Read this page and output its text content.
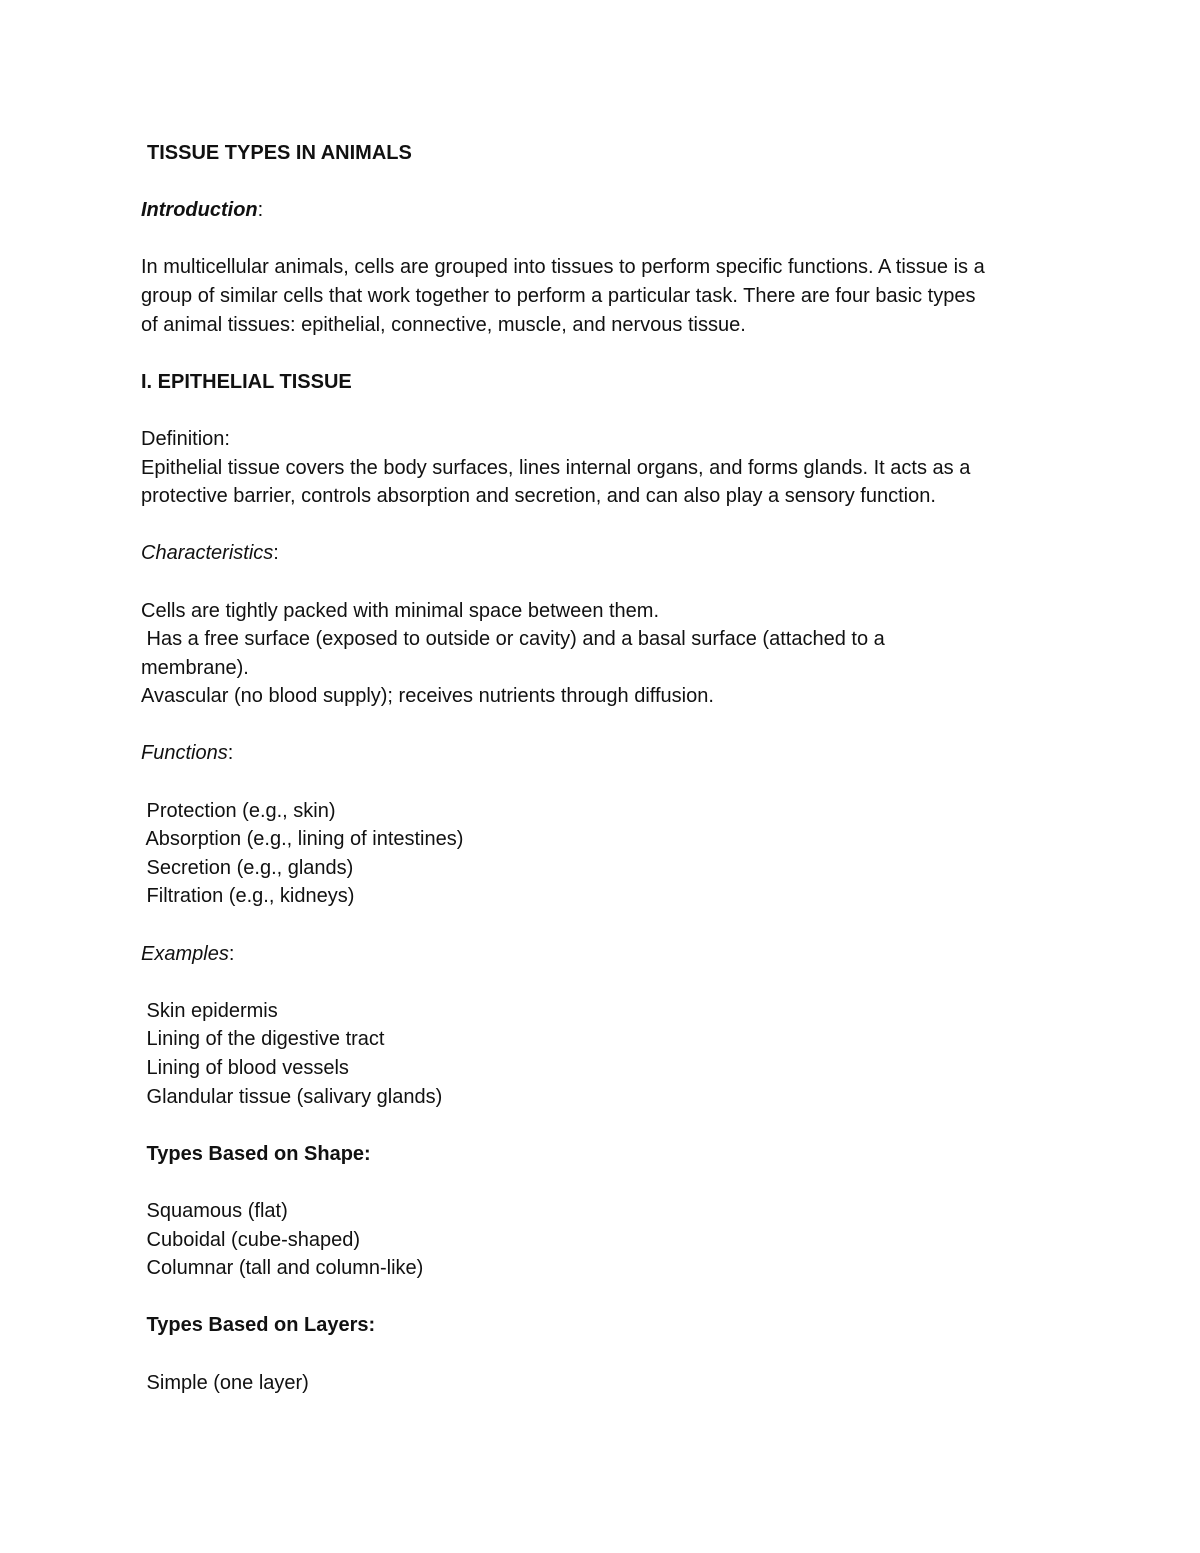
TISSUE TYPES IN ANIMALS
Introduction:
In multicellular animals, cells are grouped into tissues to perform specific functions. A tissue is a
group of similar cells that work together to perform a particular task. There are four basic types
of animal tissues: epithelial, connective, muscle, and nervous tissue.
I. EPITHELIAL TISSUE
Definition:
Epithelial tissue covers the body surfaces, lines internal organs, and forms glands. It acts as a
protective barrier, controls absorption and secretion, and can also play a sensory function.
Characteristics:
Cells are tightly packed with minimal space between them.
Has a free surface (exposed to outside or cavity) and a basal surface (attached to a
membrane).
Avascular (no blood supply); receives nutrients through diffusion.
Functions:
Protection (e.g., skin)
Absorption (e.g., lining of intestines)
Secretion (e.g., glands)
Filtration (e.g., kidneys)
Examples:
Skin epidermis
Lining of the digestive tract
Lining of blood vessels
Glandular tissue (salivary glands)
Types Based on Shape:
Squamous (flat)
Cuboidal (cube-shaped)
Columnar (tall and column-like)
Types Based on Layers:
Simple (one layer)
